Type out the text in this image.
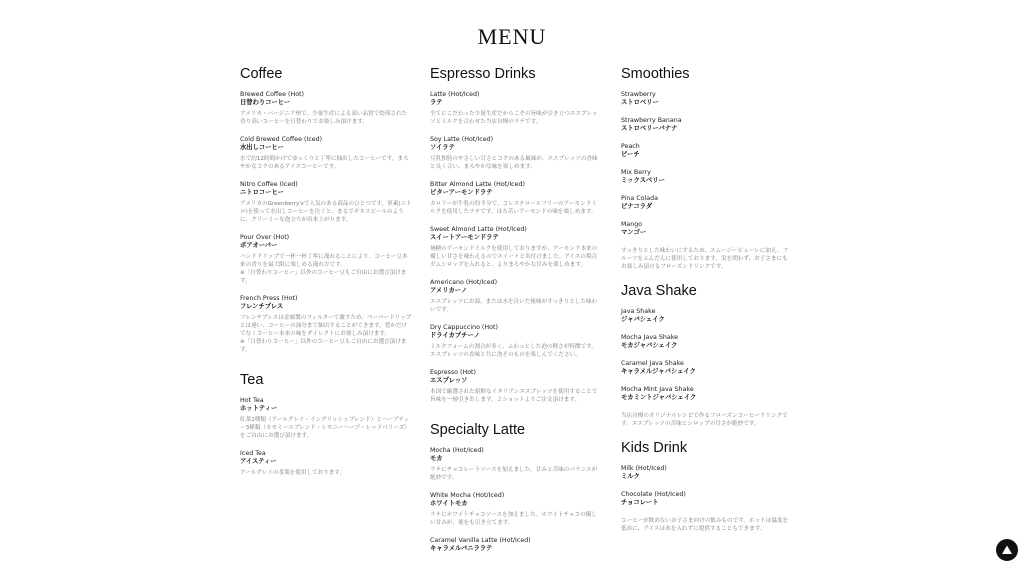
MENU
Coffee
Brewed Coffee (Hot)
日替わりコーヒー
アメリカ・バージニア州で、少量生産による高い品質で焙煎された香り高いコーヒーを日替わりでお楽しみ頂けます。
Cold Brewed Coffee (Iced)
水出しコーヒー
水で約12時間かけてゆっくりと丁寧に抽出したコーヒーです。まろやかなコクのあるアイスコーヒーです。
Nitro Coffee (Iced)
ニトロコーヒー
アメリカのGreenberry'sで人気のある商品のひとつです。窒素(ニトロ)を使って水出しコーヒーを注ぐと、まるでギネスビールのように、クリーミーな泡立ちが出来上がります。
Pour Over (Hot)
ポアオーバー
ハンドドリップで一杯一杯丁寧に淹れることにより、コーヒー豆本来の香りを最大限に楽しめる淹れ方です。
※「日替わりコーヒー」以外のコーヒー豆もご自由にお選び頂けます。
French Press (Hot)
フレンチプレス
フレンチプレスは金属製のフィルターで濾すため、ペーパードリップとは違い、コーヒーの油分まで抽出することができます。豊かだけでなくコーヒー本来の味をダイレクトにお楽しみ頂けます。
※「日替わりコーヒー」以外のコーヒー豆もご自由にお選び頂けます。
Tea
Hot Tea
ホットティー
紅茶2種類（アールグレイ・イングリッシュブレンド）とハーブティー3種類（カモミールブレンド・レモニーハーブ・レッドベリーズ）をご自由にお選び頂けます。
Iced Tea
アイスティー
アールグレイの茶葉を使用しております。
Espresso Drinks
Latte (Hot/Iced)
ラテ
全てにこだわった少量生産だからこその旨味が引き立つエスプレッソとミルクを合わせた当店自慢のラテです。
Soy Latte (Hot/Iced)
ソイラテ
豆乳独特のやさしい甘さとコクのある風味が、エスプレッソの香味と良く合い、まろやかな味を楽しめます。
Bitter Almond Latte (Hot/Iced)
ビターアーモンドラテ
カロリーが牛乳の約半分で、コレステロールフリーのアーモンドミルクを使用したラテです。ほろ苦いアーモンドの味を楽しめます。
Sweet Almond Latte (Hot/Iced)
スイートアーモンドラテ
無糖のアーモンドミルクを使用しておりますが、アーモンド本来の優しい甘さを味わえるのでスイートと名付けました。アイスの場合ガムシロップを入れると、よりまろやかな甘みを楽しめます。
Americano (Hot/Iced)
アメリカーノ
エスプレッソにお湯、または水を注いだ後味がすっきりとした味わいです。
Dry Cappuccino (Hot)
ドライカプチーノ
ミルクフォームの割合が多く、ふわっとした泡の軽さが特徴です。エスプレッソの香味と共に泡そのものを楽しんでください。
Espresso (Hot)
エスプレッソ
本国で厳選された新鮮なイタリアンエスプレッソを使用することで旨味を一層引き出します。２ショットよりご注文頂けます。
Specialty Latte
Mocha (Hot/Iced)
モカ
ラテにチョコレートソースを加えました。甘みと苦味のバランスが絶妙です。
White Mocha (Hot/Iced)
ホワイトモカ
ラテにホワイトチョコソースを加えました。ホワイトチョコの優しい甘みが、後をも引き立てます。
Caramel Vanilla Latte (Hot/Iced)
キャラメルバニララテ
Smoothies
Strawberry
ストロベリー
Strawberry Banana
ストロベリーバナナ
Peach
ピーチ
Mix Berry
ミックスベリー
Pina Colada
ピナコラダ
Mango
マンゴー
すっきりとした味わいにするため、スムージーピューレに加え、フルーツをふんだんに使用しております。実を問わず、お子さまにもお楽しみ頂けるフローズンドリンクです。
Java Shake
Java Shake
ジャバシェイク
Mocha Java Shake
モカジャバシェイク
Caramel Java Shake
キャラメルジャバシェイク
Mocha Mint Java Shake
モカミントジャバシェイク
当店自慢のオリジナルレシピで作るフローズンコーヒードリンクです。エスプレッソの苦味とシロップの甘さが絶妙です。
Kids Drink
Milk (Hot/Iced)
ミルク
Chocolate (Hot/Iced)
チョコレート
コーヒーが飲めないお子さま向けの飲みものです。ホットは温度を低めに、アイスは氷を入れずに提供することもできます。
